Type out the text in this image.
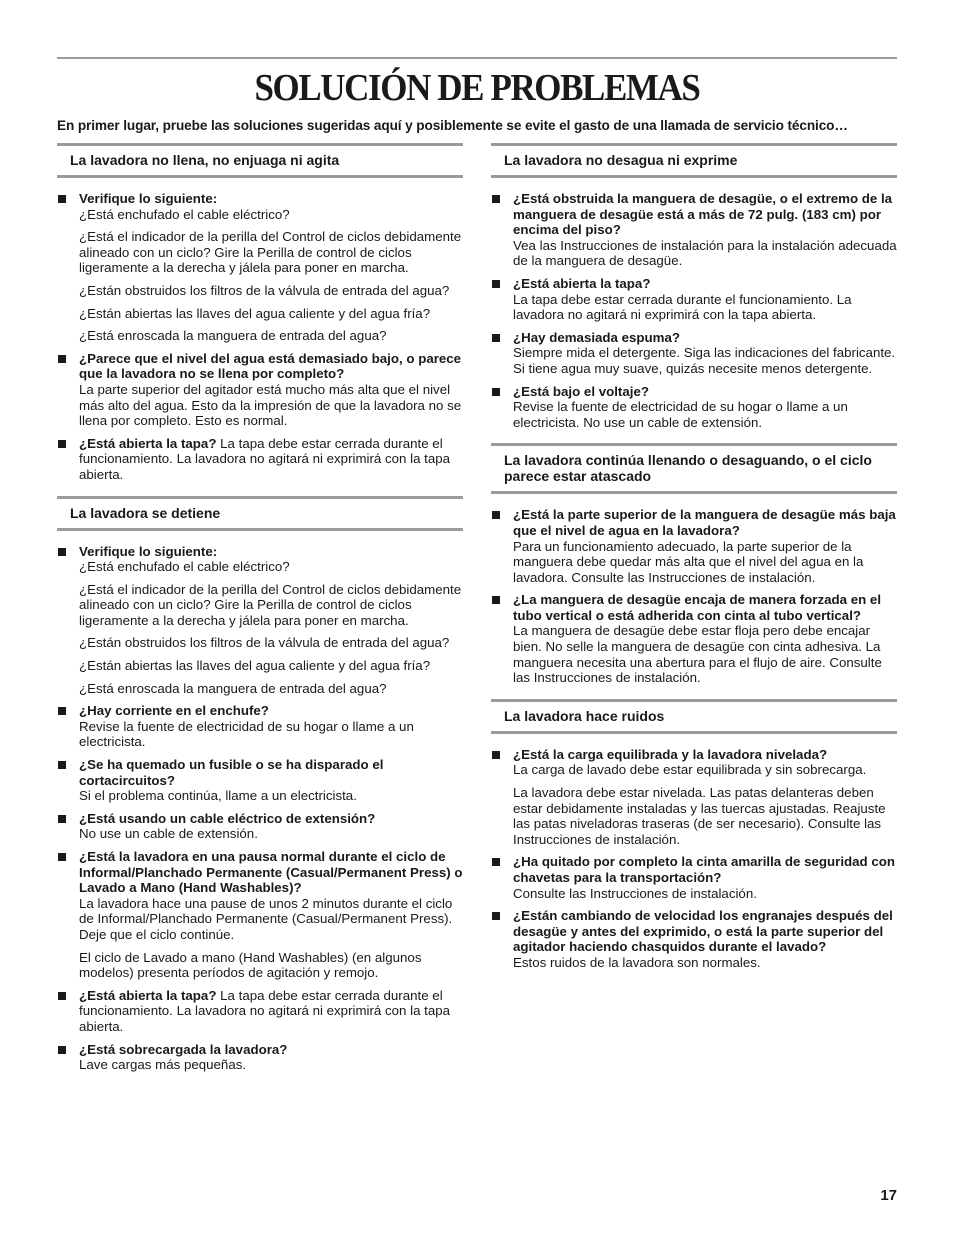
SOLUCIÓN DE PROBLEMAS
En primer lugar, pruebe las soluciones sugeridas aquí y posiblemente se evite el gasto de una llamada de servicio técnico…
La lavadora no llena, no enjuaga ni agita
Verifique lo siguiente:
¿Está enchufado el cable eléctrico?
¿Está el indicador de la perilla del Control de ciclos debidamente alineado con un ciclo? Gire la Perilla de control de ciclos ligeramente a la derecha y jálela para poner en marcha.
¿Están obstruidos los filtros de la válvula de entrada del agua?
¿Están abiertas las llaves del agua caliente y del agua fría?
¿Está enroscada la manguera de entrada del agua?
¿Parece que el nivel del agua está demasiado bajo, o parece que la lavadora no se llena por completo?
La parte superior del agitador está mucho más alta que el nivel más alto del agua. Esto da la impresión de que la lavadora no se llena por completo. Esto es normal.
¿Está abierta la tapa? La tapa debe estar cerrada durante el funcionamiento. La lavadora no agitará ni exprimirá con la tapa abierta.
La lavadora se detiene
Verifique lo siguiente:
¿Está enchufado el cable eléctrico?
¿Está el indicador de la perilla del Control de ciclos debidamente alineado con un ciclo? Gire la Perilla de control de ciclos ligeramente a la derecha y jálela para poner en marcha.
¿Están obstruidos los filtros de la válvula de entrada del agua?
¿Están abiertas las llaves del agua caliente y del agua fría?
¿Está enroscada la manguera de entrada del agua?
¿Hay corriente en el enchufe?
Revise la fuente de electricidad de su hogar o llame a un electricista.
¿Se ha quemado un fusible o se ha disparado el cortacircuitos?
Si el problema continúa, llame a un electricista.
¿Está usando un cable eléctrico de extensión?
No use un cable de extensión.
¿Está la lavadora en una pausa normal durante el ciclo de Informal/Planchado Permanente (Casual/Permanent Press) o Lavado a Mano (Hand Washables)?
La lavadora hace una pause de unos 2 minutos durante el ciclo de Informal/Planchado Permanente (Casual/Permanent Press). Deje que el ciclo continúe.
El ciclo de Lavado a mano (Hand Washables) (en algunos modelos) presenta períodos de agitación y remojo.
¿Está abierta la tapa? La tapa debe estar cerrada durante el funcionamiento. La lavadora no agitará ni exprimirá con la tapa abierta.
¿Está sobrecargada la lavadora?
Lave cargas más pequeñas.
La lavadora no desagua ni exprime
¿Está obstruida la manguera de desagüe, o el extremo de la manguera de desagüe está a más de 72 pulg. (183 cm) por encima del piso?
Vea las Instrucciones de instalación para la instalación adecuada de la manguera de desagüe.
¿Está abierta la tapa?
La tapa debe estar cerrada durante el funcionamiento. La lavadora no agitará ni exprimirá con la tapa abierta.
¿Hay demasiada espuma?
Siempre mida el detergente. Siga las indicaciones del fabricante. Si tiene agua muy suave, quizás necesite menos detergente.
¿Está bajo el voltaje?
Revise la fuente de electricidad de su hogar o llame a un electricista. No use un cable de extensión.
La lavadora continúa llenando o desaguando, o el ciclo parece estar atascado
¿Está la parte superior de la manguera de desagüe más baja que el nivel de agua en la lavadora?
Para un funcionamiento adecuado, la parte superior de la manguera debe quedar más alta que el nivel del agua en la lavadora. Consulte las Instrucciones de instalación.
¿La manguera de desagüe encaja de manera forzada en el tubo vertical o está adherida con cinta al tubo vertical?
La manguera de desagüe debe estar floja pero debe encajar bien. No selle la manguera de desagüe con cinta adhesiva. La manguera necesita una abertura para el flujo de aire. Consulte las Instrucciones de instalación.
La lavadora hace ruidos
¿Está la carga equilibrada y la lavadora nivelada?
La carga de lavado debe estar equilibrada y sin sobrecarga.
La lavadora debe estar nivelada. Las patas delanteras deben estar debidamente instaladas y las tuercas ajustadas. Reajuste las patas niveladoras traseras (de ser necesario). Consulte las Instrucciones de instalación.
¿Ha quitado por completo la cinta amarilla de seguridad con chavetas para la transportación?
Consulte las Instrucciones de instalación.
¿Están cambiando de velocidad los engranajes después del desagüe y antes del exprimido, o está la parte superior del agitador haciendo chasquidos durante el lavado?
Estos ruidos de la lavadora son normales.
17
